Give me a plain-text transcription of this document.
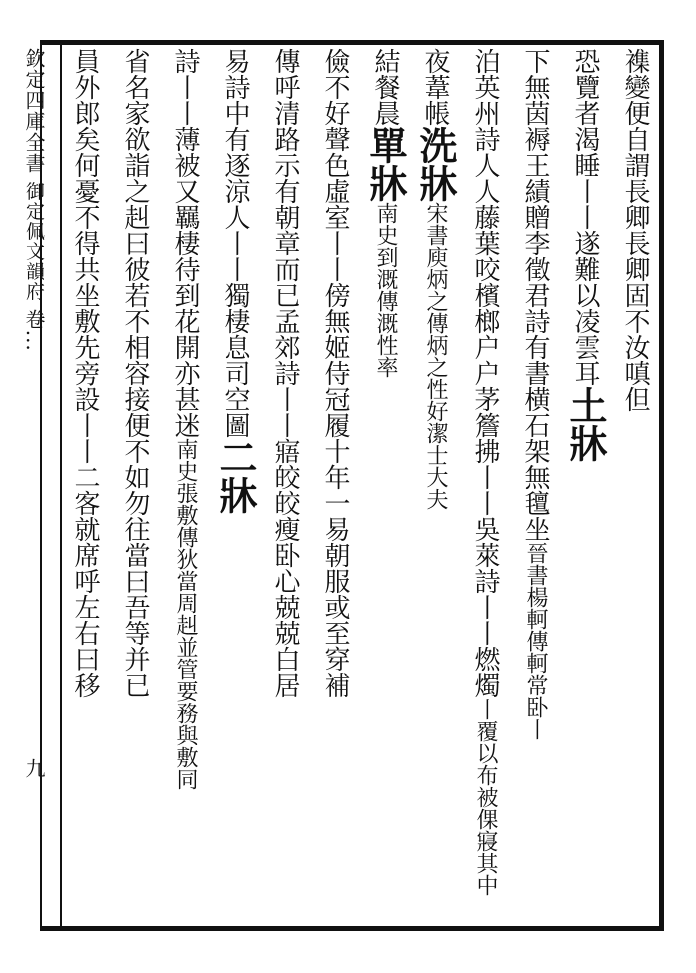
欽定四庫全書 御定佩文韻府 卷...
九
襍變便自謂長卿長卿固不汝嗔但
恐覽者渴睡丨丨遂難以凌雲耳土牀
下無茵褥王績贈李徵君詩有書横石架無氊坐晉書楊軻傳軻常卧丨
泊英州詩人人藤葉咬檳榔户户茅簷拂丨丨吳萊詩丨丨燃燭丨覆以布被倮寢其中
夜葦帳洗牀宋書庾炳之傳炳之性好潔士大夫
結餐晨單牀南史到溉傳溉性率
儉不好聲色虛室丨丨傍無姬侍冠履十年一易朝服或至穿補
傳呼清路示有朝章而已孟郊詩丨丨寤皎皎瘦卧心兢兢白居
易詩中有逐涼人丨丨獨棲息司空圖二牀
詩丨丨薄被又羈棲待到花開亦甚迷南史張敷傳狄當周赳並管要務與敷同
省名家欲詣之赳曰彼若不相容接便不如勿往當曰吾等并已
員外郎矣何憂不得共坐敷先旁設丨丨二客就席呼左右曰移
